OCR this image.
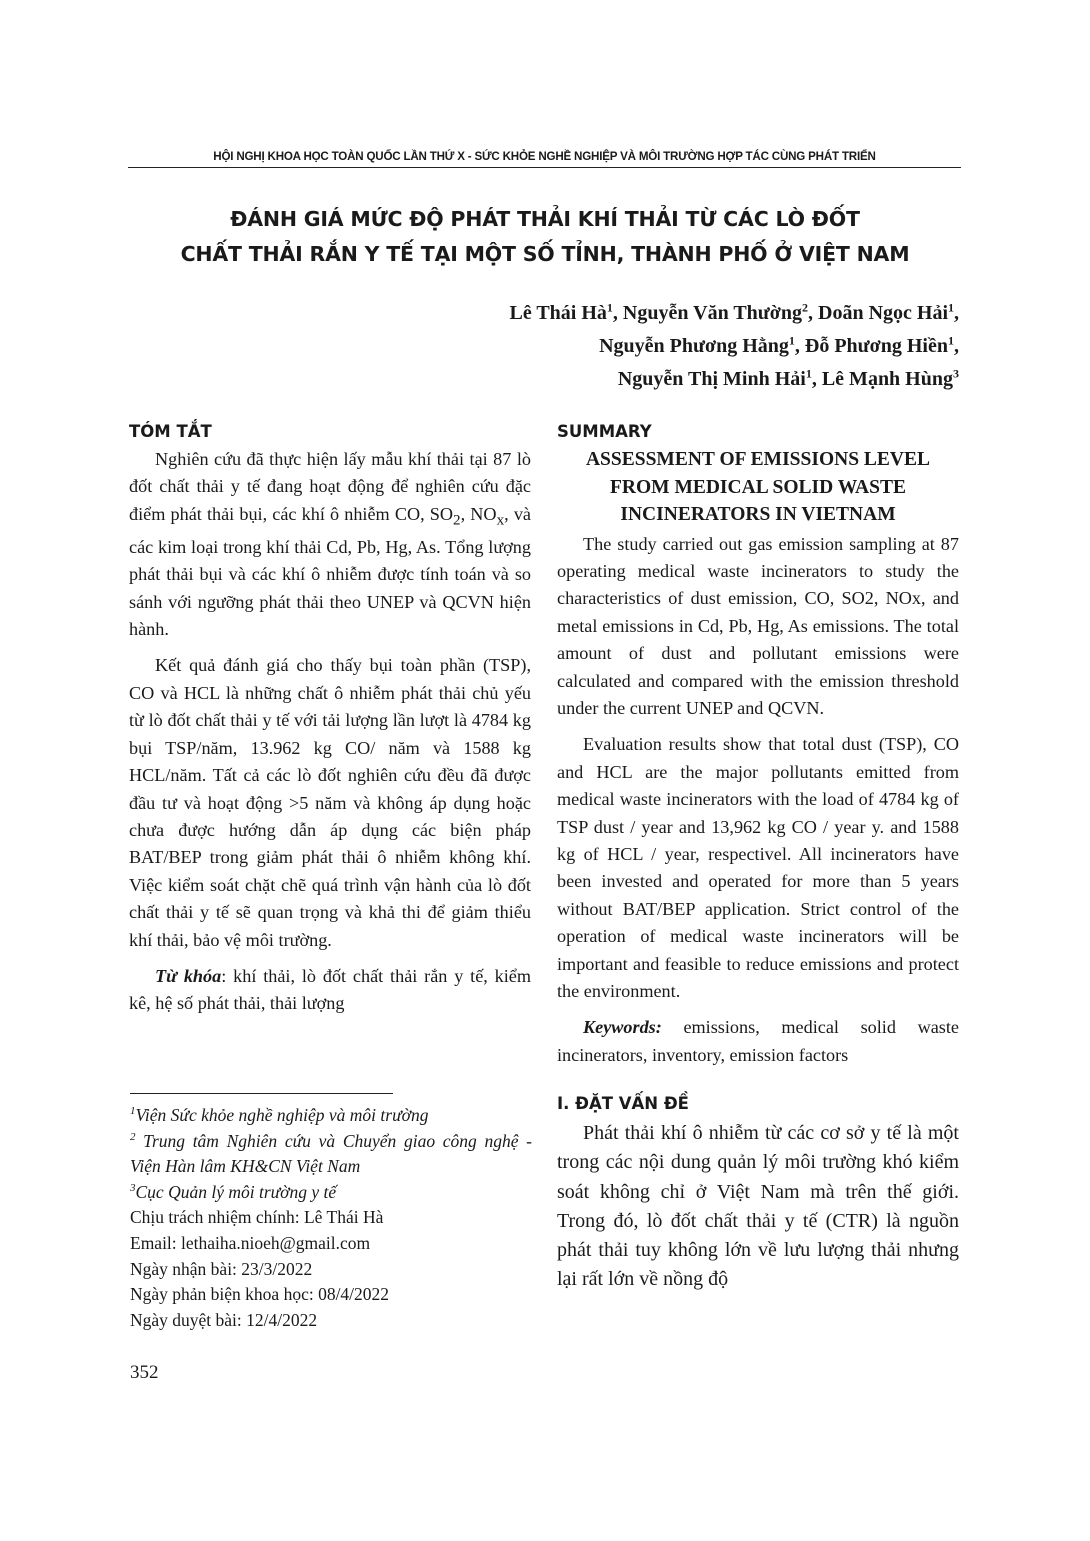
HỘI NGHỊ KHOA HỌC TOÀN QUỐC LẦN THỨ X - SỨC KHỎE NGHỀ NGHIỆP VÀ MÔI TRƯỜNG HỢP TÁC CÙNG PHÁT TRIỂN
ĐÁNH GIÁ MỨC ĐỘ PHÁT THẢI KHÍ THẢI TỪ CÁC LÒ ĐỐT
CHẤT THẢI RẮN Y TẾ TẠI MỘT SỐ TỈNH, THÀNH PHỐ Ở VIỆT NAM
Lê Thái $Hà^1$, Nguyễn Văn Thường$^2$, Doãn Ngọc Hải$^1$,
Nguyễn Phương Hằng$^1$, Đỗ Phương Hiền$^1$,
Nguyễn Thị Minh Hải$^1$, Lê Mạnh Hùng$^3$
TÓM TẮT

Nghiên cứu đã thực hiện lấy mẫu khí thải tại 87 lò đốt chất thải y tế đang hoạt động để nghiên cứu đặc điểm phát thải bụi, các khí ô nhiễm CO, $SO_2$, $NO_x$, và các kim loại trong khí thải Cd, Pb, Hg, As. Tổng lượng phát thải bụi và các khí ô nhiễm được tính toán và so sánh với ngưỡng phát thải theo UNEP và QCVN hiện hành.

Kết quả đánh giá cho thấy bụi toàn phần (TSP), CO và HCL là những chất ô nhiễm phát thải chủ yếu từ lò đốt chất thải y tế với tải lượng lần lượt là 4784 kg bụi TSP/năm, 13.962 kg CO/ năm và 1588 kg HCL/năm. Tất cả các lò đốt nghiên cứu đều đã được đầu tư và hoạt động >5 năm và không áp dụng hoặc chưa được hướng dẫn áp dụng các biện pháp BAT/BEP trong giảm phát thải ô nhiễm không khí. Việc kiểm soát chặt chẽ quá trình vận hành của lò đốt chất thải y tế sẽ quan trọng và khả thi để giảm thiểu khí thải, bảo vệ môi trường.

Từ khóa: khí thải, lò đốt chất thải rắn y tế, kiểm kê, hệ số phát thải, thải lượng

$^1$Viện Sức khỏe nghề nghiệp và môi trường
$^2$ Trung tâm Nghiên cứu và Chuyển giao công nghệ - Viện Hàn lâm KH&CN Việt Nam
$^3$Cục Quản lý môi trường y tế
Chịu trách nhiệm chính: Lê Thái Hà
Email: lethaiha.nioeh@gmail.com
Ngày nhận bài: 23/3/2022
Ngày phản biện khoa học: 08/4/2022
Ngày duyệt bài: 12/4/2022
SUMMARY
ASSESSMENT OF EMISSIONS LEVEL
FROM MEDICAL SOLID WASTE
INCINERATORS IN VIETNAM

The study carried out gas emission sampling at 87 operating medical waste incinerators to study the characteristics of dust emission, CO, SO2, NOx, and metal emissions in Cd, Pb, Hg, As emissions. The total amount of dust and pollutant emissions were calculated and compared with the emission threshold under the current UNEP and QCVN.

Evaluation results show that total dust (TSP), CO and HCL are the major pollutants emitted from medical waste incinerators with the load of 4784 kg of TSP dust / year and 13,962 kg CO / year y. and 1588 kg of HCL / year, respectivel. All incinerators have been invested and operated for more than 5 years without BAT/BEP application. Strict control of the operation of medical waste incinerators will be important and feasible to reduce emissions and protect the environment.

Keywords: emissions, medical solid waste incinerators, inventory, emission factors

I. ĐẶT VẤN ĐỀ

Phát thải khí ô nhiễm từ các cơ sở y tế là một trong các nội dung quản lý môi trường khó kiểm soát không chỉ ở Việt Nam mà trên thế giới. Trong đó, lò đốt chất thải y tế (CTR) là nguồn phát thải tuy không lớn về lưu lượng thải nhưng lại rất lớn về nồng độ

352
